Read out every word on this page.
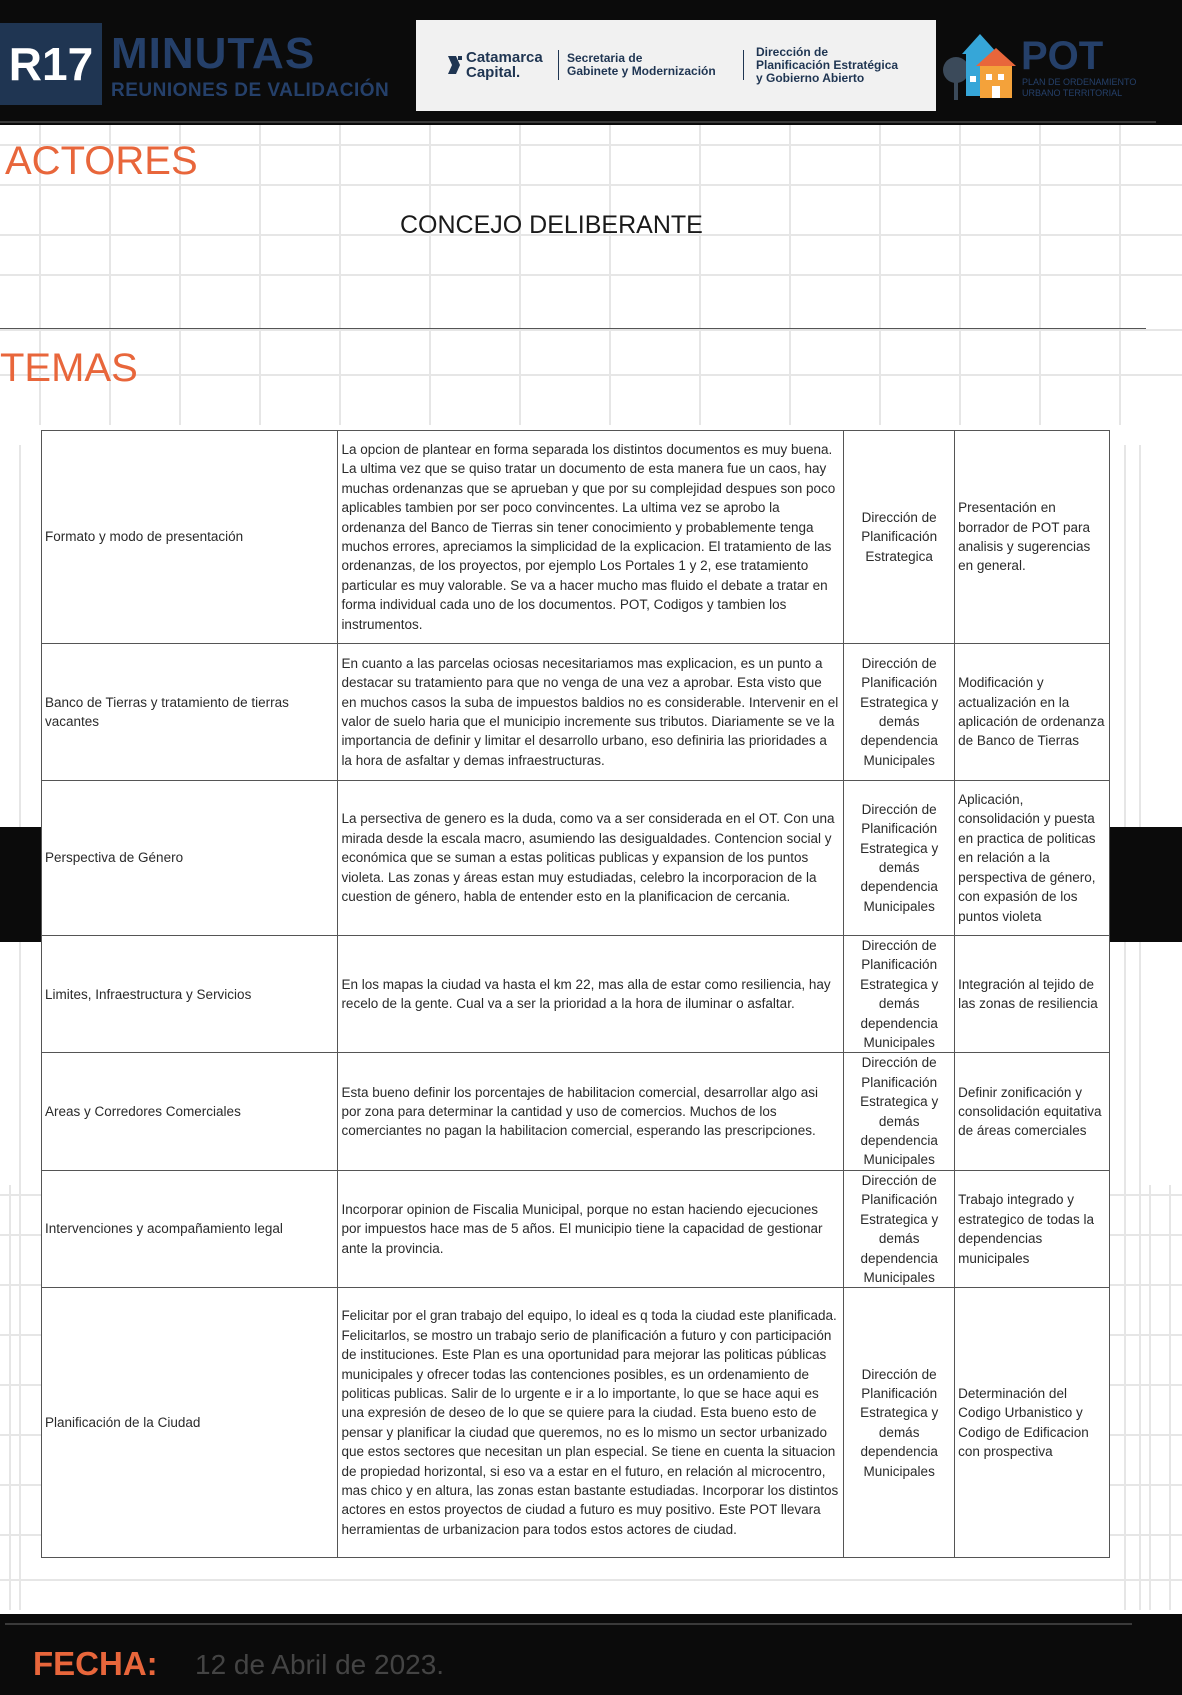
R17 MINUTAS
REUNIONES DE VALIDACIÓN
Catamarca
Capital.
Secretaria de
Gabinete y Modernización
Dirección de
Planificación Estratégica
y Gobierno Abierto	POT
PLAN DE ORDENAMIENTO
URBANO TERRITORIAL
ACTORES
CONCEJO DELIBERANTE
TEMAS
Formato y modo de presentación	La opcion de plantear en forma separada los distintos documentos es muy buena. La ultima vez que se quiso tratar un documento de esta manera fue un caos, hay muchas ordenanzas que se aprueban y que por su complejidad despues son poco aplicables tambien por ser poco convincentes. La ultima vez se aprobo la ordenanza del Banco de Tierras sin tener conocimiento y probablemente tenga muchos errores, apreciamos la simplicidad de la explicacion. El tratamiento de las ordenanzas, de los proyectos, por ejemplo Los Portales 1 y 2, ese tratamiento particular es muy valorable. Se va a hacer mucho mas fluido el debate a tratar en forma individual cada uno de los documentos. POT, Codigos y tambien los instrumentos.	Dirección de Planificación Estrategica	Presentación en borrador de POT para analisis y sugerencias en general.
Banco de Tierras y tratamiento de tierras vacantes	En cuanto a las parcelas ociosas necesitariamos mas explicacion, es un punto a destacar su tratamiento para que no venga de una vez a aprobar. Esta visto que en muchos casos la suba de impuestos baldios no es considerable. Intervenir en el valor de suelo haria que el municipio incremente sus tributos. Diariamente se ve la importancia de definir y limitar el desarrollo urbano, eso definiria las prioridades a la hora de asfaltar y demas infraestructuras.	Dirección de Planificación Estrategica y demás dependencia Municipales	Modificación y actualización en la aplicación de ordenanza de Banco de Tierras
Perspectiva de Género	La persectiva de genero es la duda, como va a ser considerada en el OT. Con una mirada desde la escala macro, asumiendo las desigualdades. Contencion social y económica que se suman a estas politicas publicas y expansion de los puntos violeta. Las zonas y áreas estan muy estudiadas, celebro la incorporacion de la cuestion de género, habla de entender esto en la planificacion de cercania.	Dirección de Planificación Estrategica y demás dependencia Municipales	Aplicación, consolidación y puesta en practica de politicas en relación a la perspectiva de género, con expasión de los puntos violeta
Limites, Infraestructura y Servicios	En los mapas la ciudad va hasta el km 22, mas alla de estar como resiliencia, hay recelo de la gente. Cual va a ser la prioridad a la hora de iluminar o asfaltar.	Dirección de Planificación Estrategica y demás dependencia Municipales	Integración al tejido de las zonas de resiliencia
Areas y Corredores Comerciales	Esta bueno definir los porcentajes de habilitacion comercial, desarrollar algo asi por zona para determinar la cantidad y uso de comercios. Muchos de los comerciantes no pagan la habilitacion comercial, esperando las prescripciones.	Dirección de Planificación Estrategica y demás dependencia Municipales	Definir zonificación y consolidación equitativa de áreas comerciales
Intervenciones y acompañamiento legal	Incorporar opinion de Fiscalia Municipal, porque no estan haciendo ejecuciones por impuestos hace mas de 5 años. El municipio tiene la capacidad de gestionar ante la provincia.	Dirección de Planificación Estrategica y demás dependencia Municipales	Trabajo integrado y estrategico de todas la dependencias municipales
Planificación de la Ciudad	Felicitar por el gran trabajo del equipo, lo ideal es q toda la ciudad este planificada. Felicitarlos, se mostro un trabajo serio de planificación a futuro y con participación de instituciones. Este Plan es una oportunidad para mejorar las politicas públicas municipales y ofrecer todas las contenciones posibles, es un ordenamiento de politicas publicas. Salir de lo urgente e ir a lo importante, lo que se hace aqui es una expresión de deseo de lo que se quiere para la ciudad. Esta bueno esto de pensar y planificar la ciudad que queremos, no es lo mismo un sector urbanizado que estos sectores que necesitan un plan especial. Se tiene en cuenta la situacion de propiedad horizontal, si eso va a estar en el futuro, en relación al microcentro, mas chico y en altura, las zonas estan bastante estudiadas. Incorporar los distintos actores en estos proyectos de ciudad a futuro es muy positivo. Este POT llevara herramientas de urbanizacion para todos estos actores de ciudad.	Dirección de Planificación Estrategica y demás dependencia Municipales	Determinación del Codigo Urbanistico y Codigo de Edificacion con prospectiva
FECHA: 12 de Abril de 2023.
